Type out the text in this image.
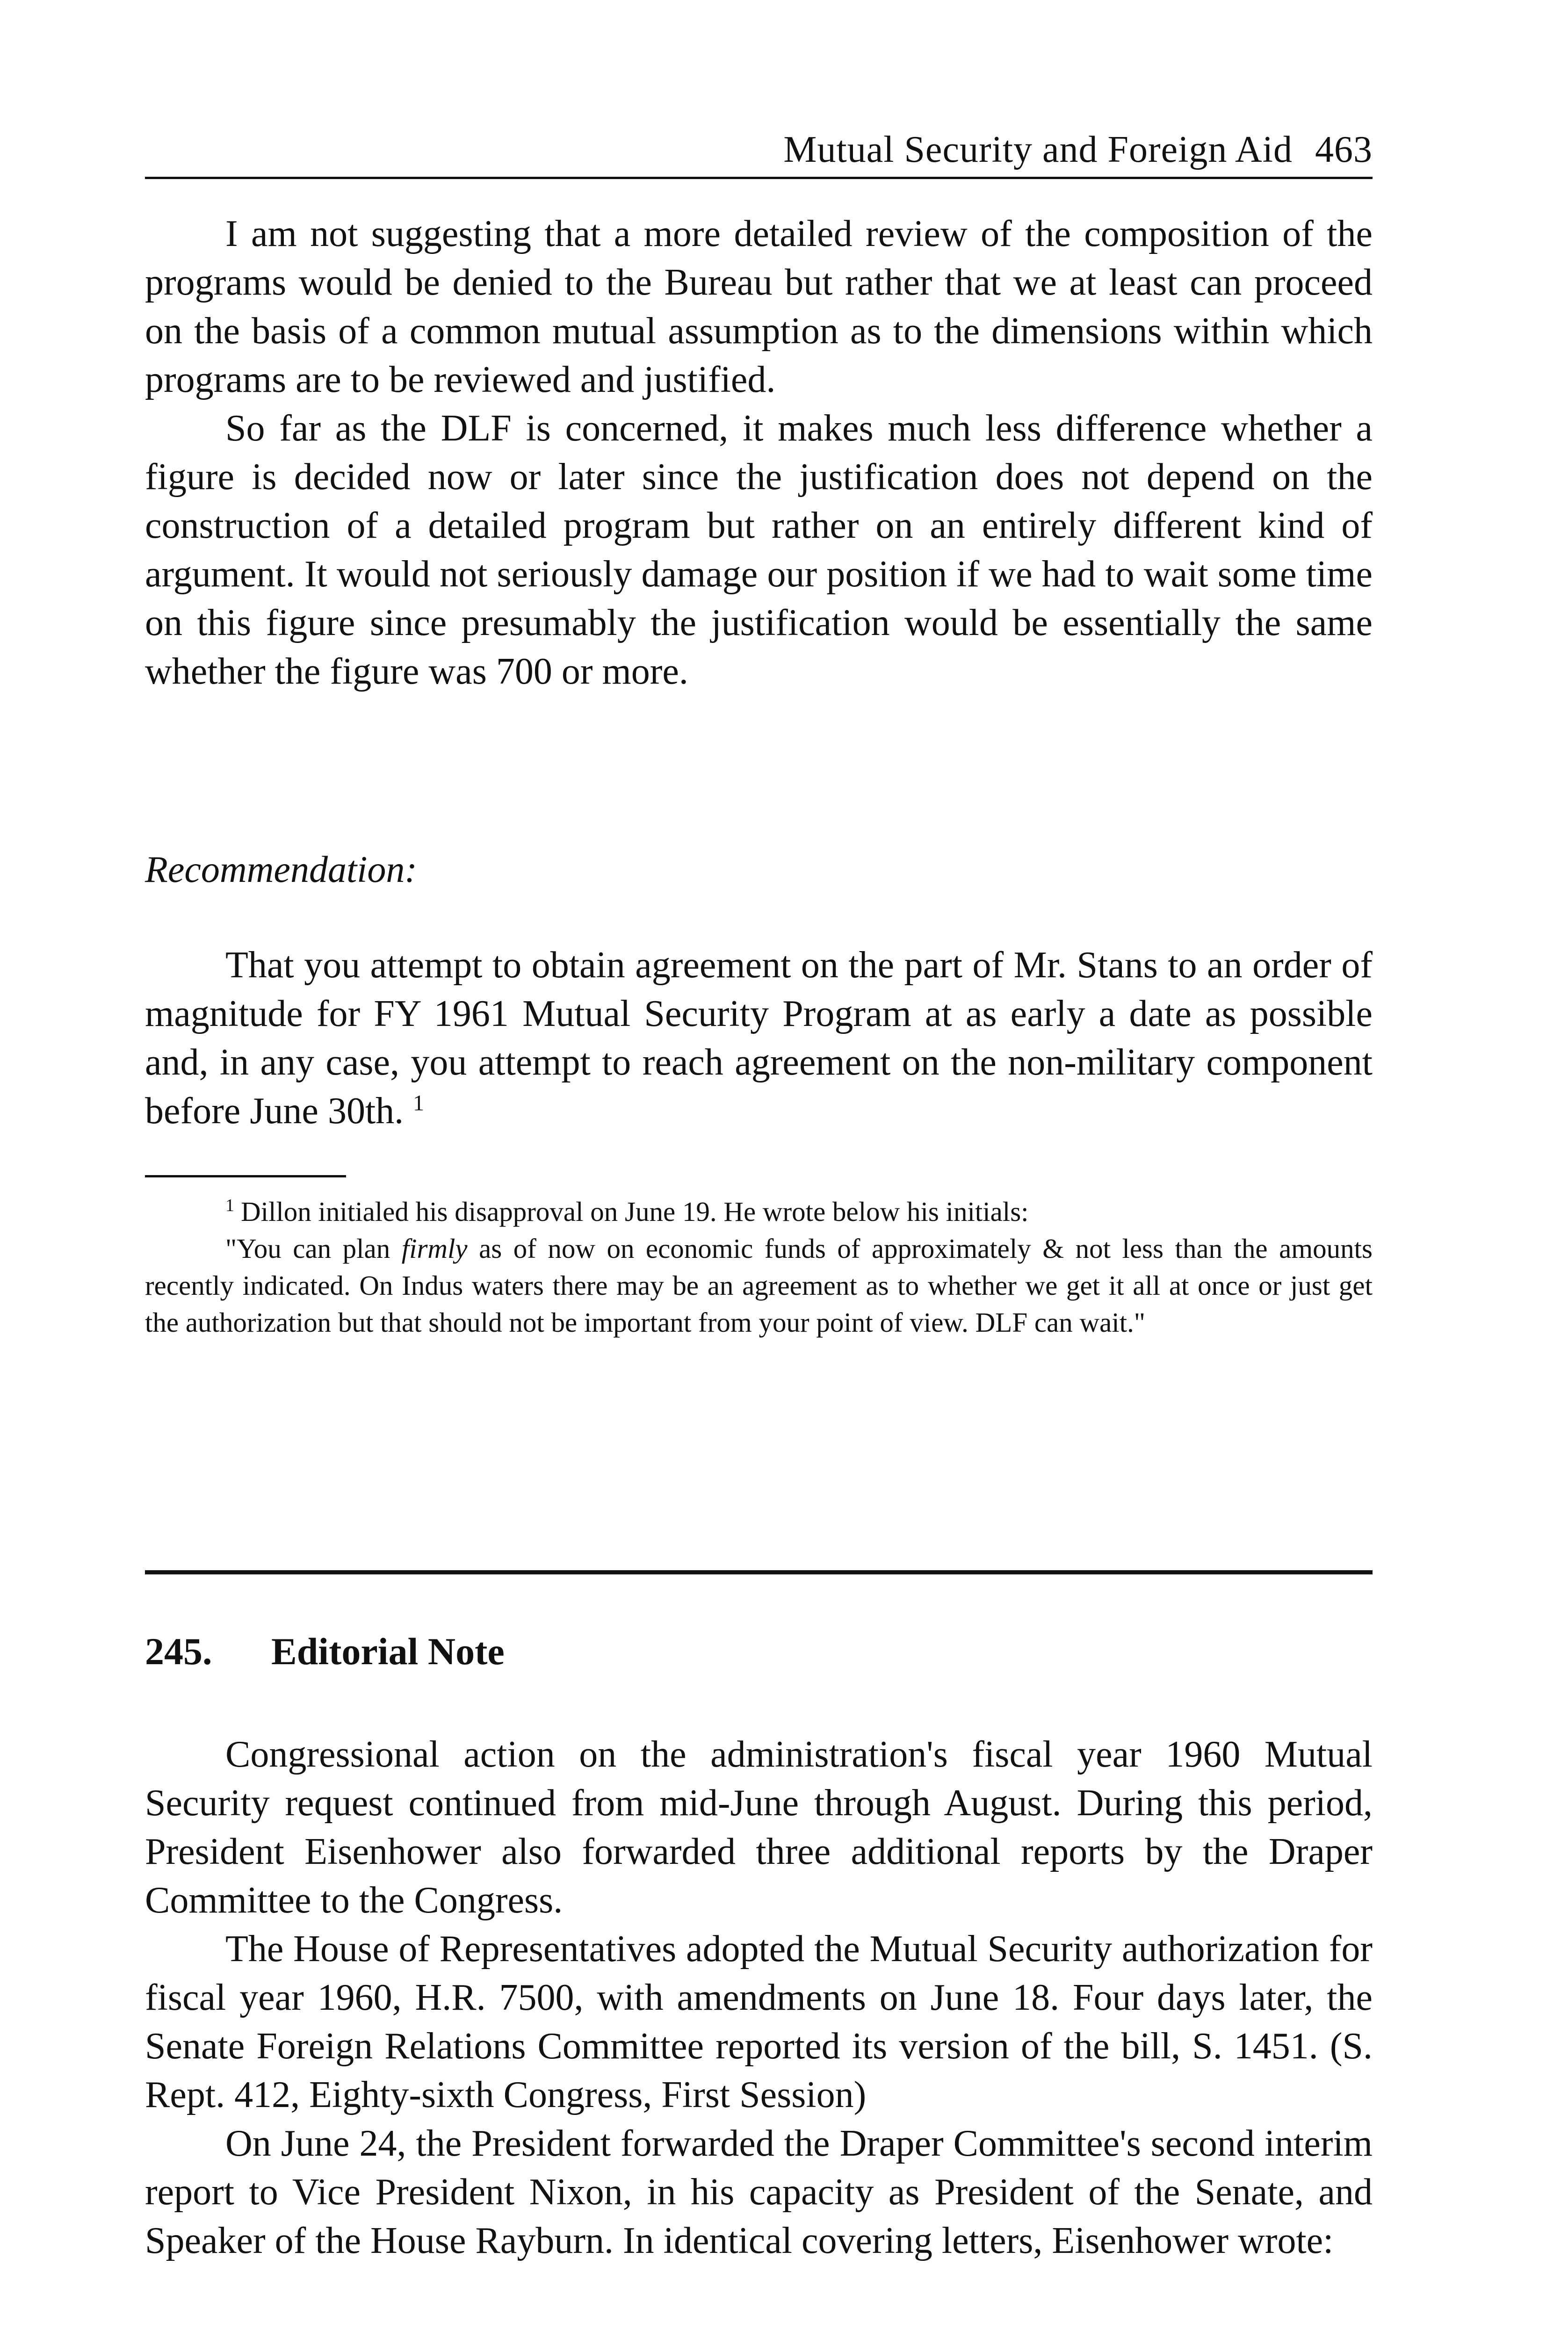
Mutual Security and Foreign Aid 463

I am not suggesting that a more detailed review of the composition of the programs would be denied to the Bureau but rather that we at least can proceed on the basis of a common mutual assumption as to the dimensions within which programs are to be reviewed and justified.

So far as the DLF is concerned, it makes much less difference whether a figure is decided now or later since the justification does not depend on the construction of a detailed program but rather on an entirely different kind of argument. It would not seriously damage our position if we had to wait some time on this figure since presumably the justification would be essentially the same whether the figure was 700 or more.

Recommendation:

That you attempt to obtain agreement on the part of Mr. Stans to an order of magnitude for FY 1961 Mutual Security Program at as early a date as possible and, in any case, you attempt to reach agreement on the non-military component before June 30th. $^1$

$^1$ Dillon initialed his disapproval on June 19. He wrote below his initials:

"You can plan firmly as of now on economic funds of approximately & not less than the amounts recently indicated. On Indus waters there may be an agreement as to whether we get it all at once or just get the authorization but that should not be important from your point of view. DLF can wait."

245. Editorial Note

Congressional action on the administration's fiscal year 1960 Mutual Security request continued from mid-June through August. During this period, President Eisenhower also forwarded three additional reports by the Draper Committee to the Congress.

The House of Representatives adopted the Mutual Security authorization for fiscal year 1960, H.R. 7500, with amendments on June 18. Four days later, the Senate Foreign Relations Committee reported its version of the bill, S. 1451. (S. Rept. 412, Eighty-sixth Congress, First Session)

On June 24, the President forwarded the Draper Committee's second interim report to Vice President Nixon, in his capacity as President of the Senate, and Speaker of the House Rayburn. In identical covering letters, Eisenhower wrote:
